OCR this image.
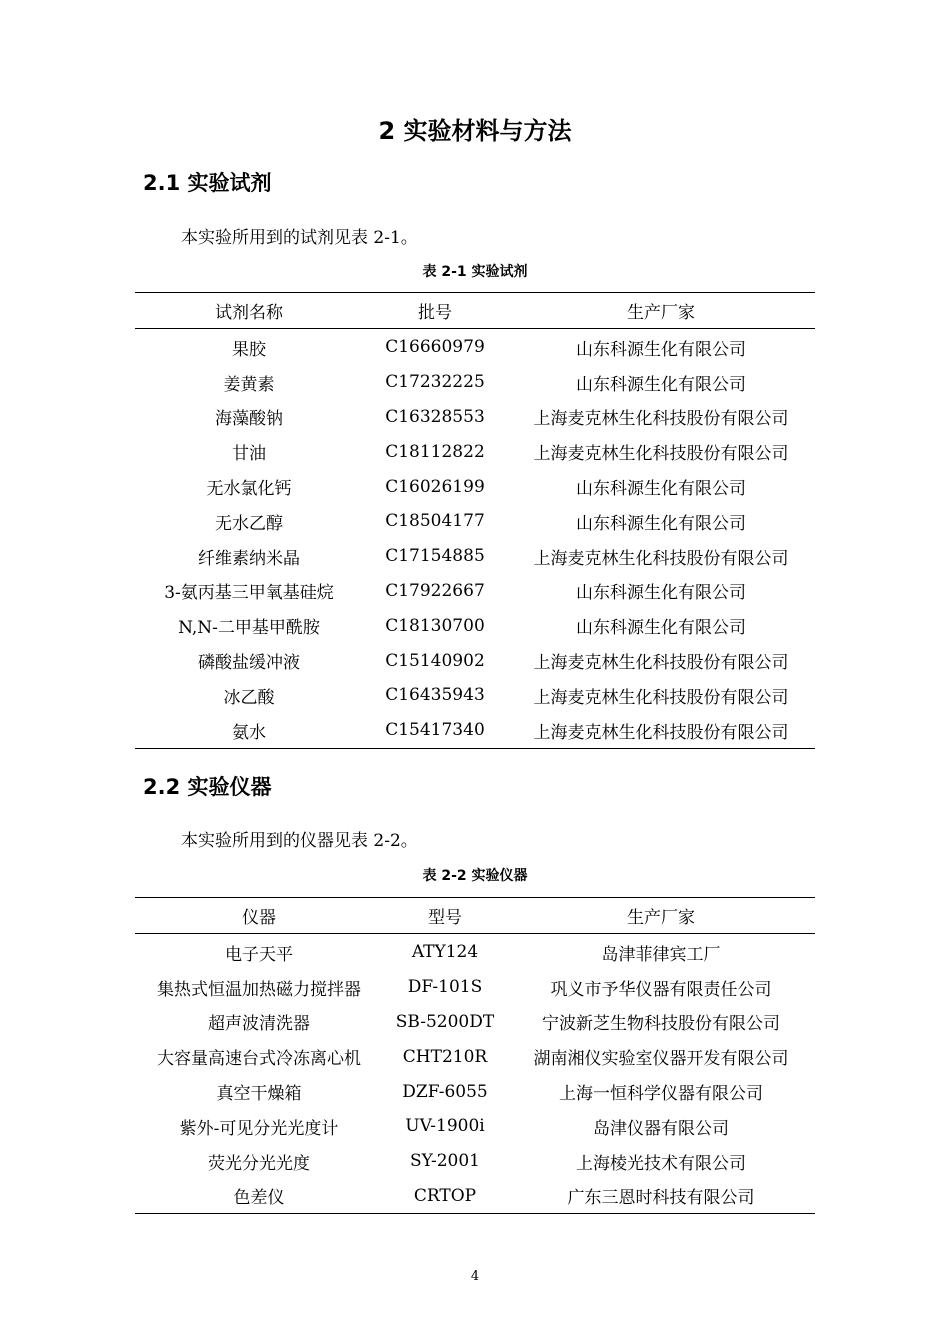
2 实验材料与方法
2.1 实验试剂
本实验所用到的试剂见表 2-1。
表 2-1 实验试剂
试剂名称	批号	生产厂家
果胶	C16660979	山东科源生化有限公司
姜黄素	C17232225	山东科源生化有限公司
海藻酸钠	C16328553	上海麦克林生化科技股份有限公司
甘油	C18112822	上海麦克林生化科技股份有限公司
无水氯化钙	C16026199	山东科源生化有限公司
无水乙醇	C18504177	山东科源生化有限公司
纤维素纳米晶	C17154885	上海麦克林生化科技股份有限公司
3-氨丙基三甲氧基硅烷	C17922667	山东科源生化有限公司
N,N-二甲基甲酰胺	C18130700	山东科源生化有限公司
磷酸盐缓冲液	C15140902	上海麦克林生化科技股份有限公司
冰乙酸	C16435943	上海麦克林生化科技股份有限公司
氨水	C15417340	上海麦克林生化科技股份有限公司
2.2 实验仪器
本实验所用到的仪器见表 2-2。
表 2-2 实验仪器
仪器	型号	生产厂家
电子天平	ATY124	岛津菲律宾工厂
集热式恒温加热磁力搅拌器	DF-101S	巩义市予华仪器有限责任公司
超声波清洗器	SB-5200DT	宁波新芝生物科技股份有限公司
大容量高速台式冷冻离心机	CHT210R	湖南湘仪实验室仪器开发有限公司
真空干燥箱	DZF-6055	上海一恒科学仪器有限公司
紫外-可见分光光度计	UV-1900i	岛津仪器有限公司
荧光分光光度	SY-2001	上海棱光技术有限公司
色差仪	CRTOP	广东三恩时科技有限公司
4
